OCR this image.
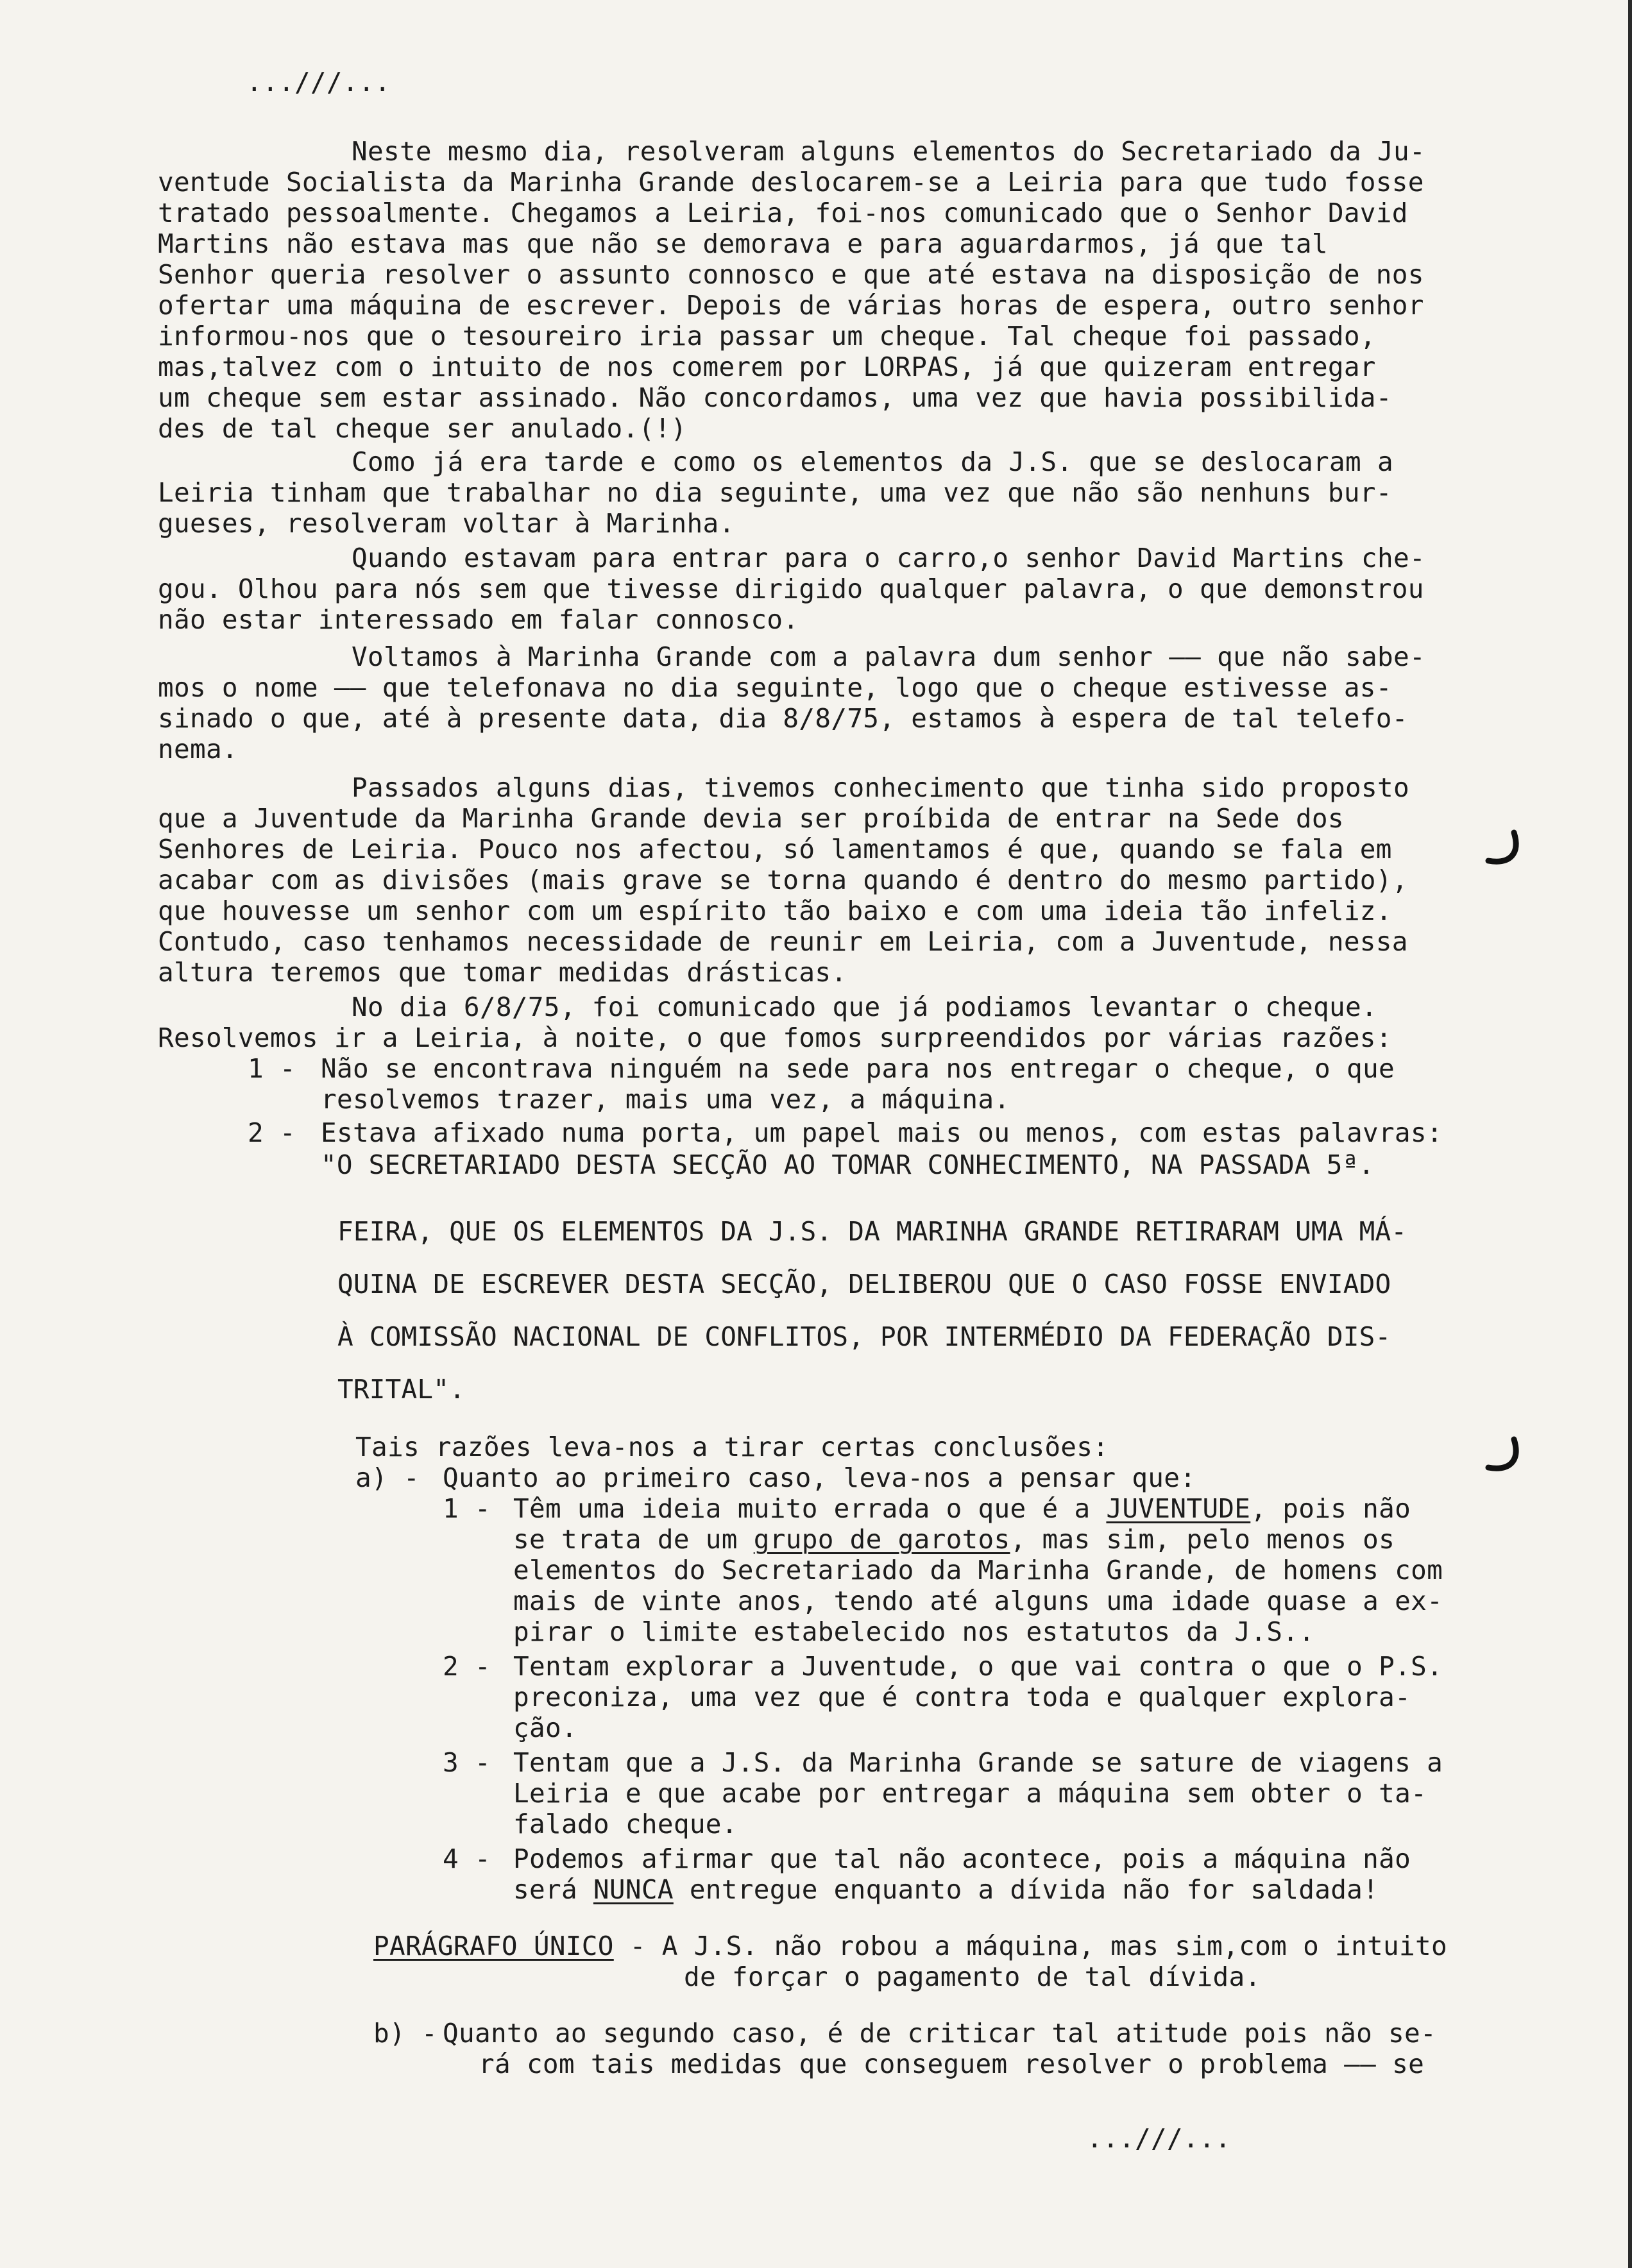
...///...
Neste mesmo dia, resolveram alguns elementos do Secretariado da Ju-
ventude Socialista da Marinha Grande deslocarem-se a Leiria para que tudo fosse
tratado pessoalmente. Chegamos a Leiria, foi-nos comunicado que o Senhor David
Martins não estava mas que não se demorava e para aguardarmos, já que tal
Senhor queria resolver o assunto connosco e que até estava na disposição de nos
ofertar uma máquina de escrever. Depois de várias horas de espera, outro senhor
informou-nos que o tesoureiro iria passar um cheque. Tal cheque foi passado,
mas,talvez com o intuito de nos comerem por LORPAS, já que quizeram entregar
um cheque sem estar assinado. Não concordamos, uma vez que havia possibilida-
des de tal cheque ser anulado.(!)
Como já era tarde e como os elementos da J.S. que se deslocaram a
Leiria tinham que trabalhar no dia seguinte, uma vez que não são nenhuns bur-
gueses, resolveram voltar à Marinha.
Quando estavam para entrar para o carro,o senhor David Martins che-
gou. Olhou para nós sem que tivesse dirigido qualquer palavra, o que demonstrou
não estar interessado em falar connosco.
Voltamos à Marinha Grande com a palavra dum senhor —— que não sabe-
mos o nome —— que telefonava no dia seguinte, logo que o cheque estivesse as-
sinado o que, até à presente data, dia 8/8/75, estamos à espera de tal telefo-
nema.
Passados alguns dias, tivemos conhecimento que tinha sido proposto
que a Juventude da Marinha Grande devia ser proíbida de entrar na Sede dos
Senhores de Leiria. Pouco nos afectou, só lamentamos é que, quando se fala em
acabar com as divisões (mais grave se torna quando é dentro do mesmo partido),
que houvesse um senhor com um espírito tão baixo e com uma ideia tão infeliz.
Contudo, caso tenhamos necessidade de reunir em Leiria, com a Juventude, nessa
altura teremos que tomar medidas drásticas.
No dia 6/8/75, foi comunicado que já podiamos levantar o cheque.
Resolvemos ir a Leiria, à noite, o que fomos surpreendidos por várias razões:
1 - Não se encontrava ninguém na sede para nos entregar o cheque, o que
resolvemos trazer, mais uma vez, a máquina.
2 - Estava afixado numa porta, um papel mais ou menos, com estas palavras:
"O SECRETARIADO DESTA SECÇÃO AO TOMAR CONHECIMENTO, NA PASSADA 5ª.
FEIRA, QUE OS ELEMENTOS DA J.S. DA MARINHA GRANDE RETIRARAM UMA MÁ-
QUINA DE ESCREVER DESTA SECÇÃO, DELIBEROU QUE O CASO FOSSE ENVIADO
À COMISSÃO NACIONAL DE CONFLITOS, POR INTERMÉDIO DA FEDERAÇÃO DIS-
TRITAL".
Tais razões leva-nos a tirar certas conclusões:
a) - Quanto ao primeiro caso, leva-nos a pensar que:
1 - Têm uma ideia muito errada o que é a JUVENTUDE, pois não
se trata de um grupo de garotos, mas sim, pelo menos os
elementos do Secretariado da Marinha Grande, de homens com
mais de vinte anos, tendo até alguns uma idade quase a ex-
pirar o limite estabelecido nos estatutos da J.S..
2 - Tentam explorar a Juventude, o que vai contra o que o P.S.
preconiza, uma vez que é contra toda e qualquer explora-
ção.
3 - Tentam que a J.S. da Marinha Grande se sature de viagens a
Leiria e que acabe por entregar a máquina sem obter o ta-
falado cheque.
4 - Podemos afirmar que tal não acontece, pois a máquina não
será NUNCA entregue enquanto a dívida não for saldada!
PARÁGRAFO ÚNICO - A J.S. não robou a máquina, mas sim,com o intuito
de forçar o pagamento de tal dívida.
b) - Quanto ao segundo caso, é de criticar tal atitude pois não se-
rá com tais medidas que conseguem resolver o problema —— se
...///...
